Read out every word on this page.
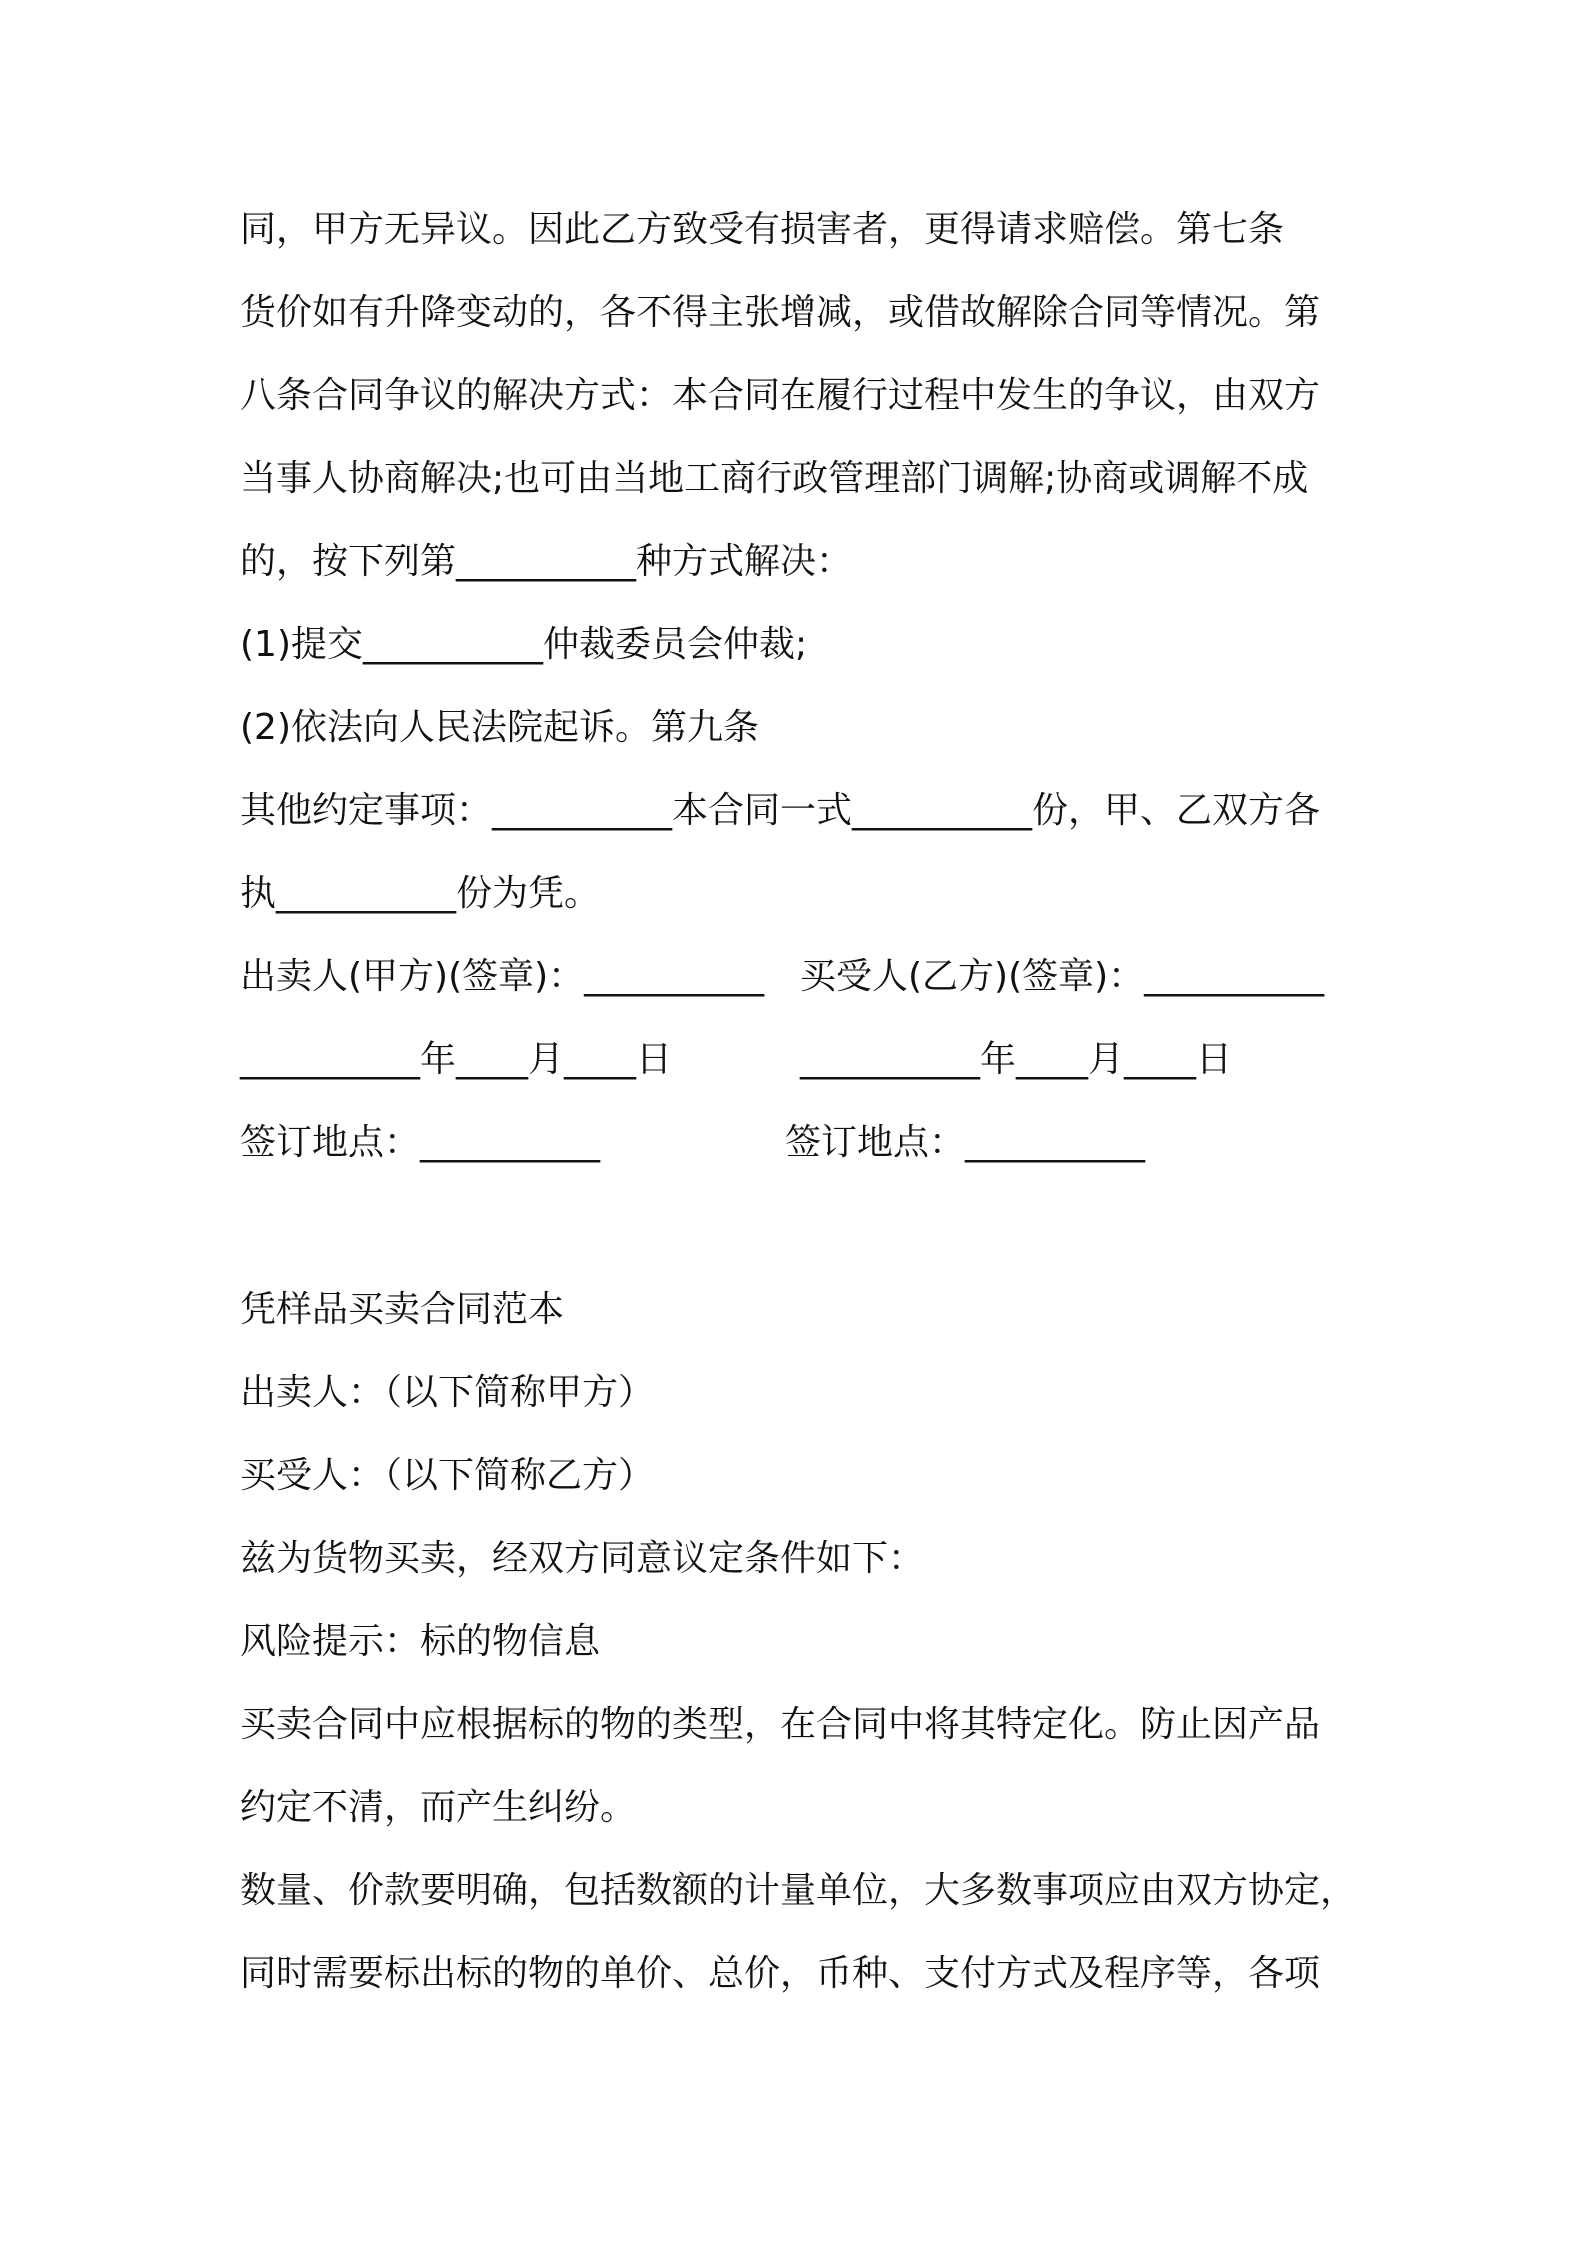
同，甲方无异议。因此乙方致受有损害者，更得请求赔偿。第七条

货价如有升降变动的，各不得主张增减，或借故解除合同等情况。第

八条合同争议的解决方式：本合同在履行过程中发生的争议，由双方

当事人协商解决;也可由当地工商行政管理部门调解;协商或调解不成

的，按下列第__________种方式解决：

(1)提交__________仲裁委员会仲裁;

(2)依法向人民法院起诉。第九条

其他约定事项：__________本合同一式__________份，甲、乙双方各

执__________份为凭。

出卖人(甲方)(签章)：__________ 买受人(乙方)(签章)：__________

__________年____月____日	__________年____月____日

签订地点：__________	签订地点：__________

凭样品买卖合同范本

出卖人：（以下简称甲方）

买受人：（以下简称乙方）

兹为货物买卖，经双方同意议定条件如下：

风险提示：标的物信息

买卖合同中应根据标的物的类型，在合同中将其特定化。防止因产品

约定不清，而产生纠纷。

数量、价款要明确，包括数额的计量单位，大多数事项应由双方协定，

同时需要标出标的物的单价、总价，币种、支付方式及程序等，各项
